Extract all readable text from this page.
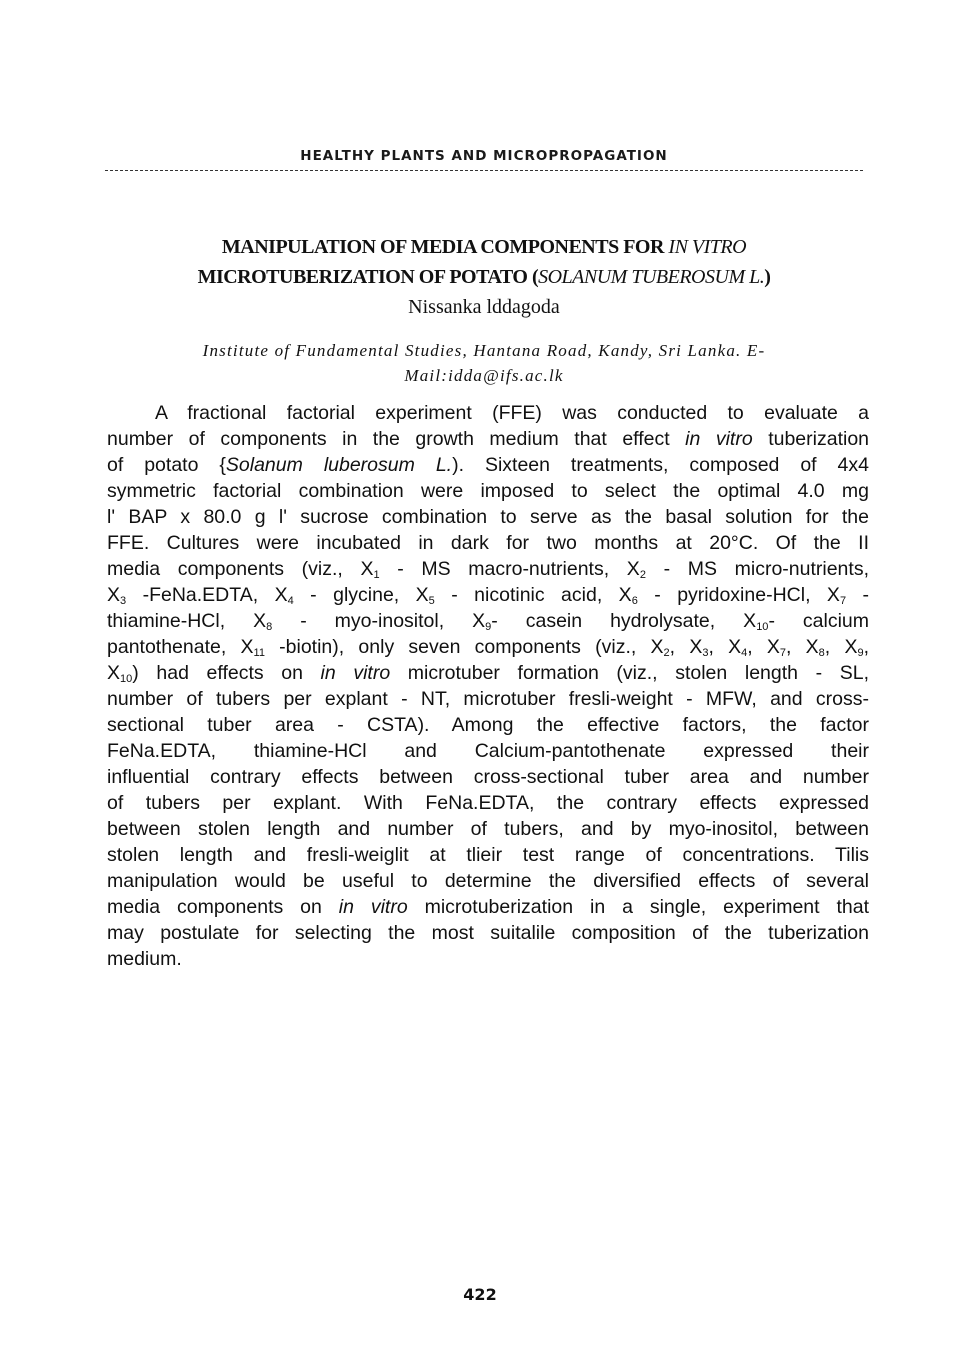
HEALTHY PLANTS AND MICROPROPAGATION
MANIPULATION OF MEDIA COMPONENTS FOR IN VITRO
MICROTUBERIZATION OF POTATO (SOLANUM TUBEROSUM L.)
Nissanka lddagoda
Institute of Fundamental Studies, Hantana Road, Kandy, Sri Lanka. E-
Mail:idda@ifs.ac.lk
A fractional factorial experiment (FFE) was conducted to evaluate a
number of components in the growth medium that effect in vitro tuberization
of potato {Solanum luberosum L.). Sixteen treatments, composed of 4x4
symmetric factorial combination were imposed to select the optimal 4.0 mg
l' BAP x 80.0 g l' sucrose combination to serve as the basal solution for the
FFE. Cultures were incubated in dark for two months at 20°C. Of the II
media components (viz., $X_1$ - MS macro-nutrients, $X_2$ - MS micro-nutrients,
$X_3$ -FeNa.EDTA, $X_4$ - glycine, $X_5$ - nicotinic acid, $X_6$ - pyridoxine-HCl, $X_7$ -
thiamine-HCl, $X_8$ - myo-inositol, $X_9-$ casein hydrolysate, $X_{10}-$ calcium
pantothenate, $X_{11}$ -biotin), only seven components (viz., $X_2$, $X_3$, $X_4$, $X_7$, $X_8$, $X_9$,
$X_{10}$) had effects on in vitro microtuber formation (viz., stolen length - SL,
number of tubers per explant - NT, microtuber fresli-weight - MFW, and cross-
sectional tuber area - CSTA). Among the effective factors, the factor
FeNa.EDTA, thiamine-HCl and Calcium-pantothenate expressed their
influential contrary effects between cross-sectional tuber area and number
of tubers per explant. With FeNa.EDTA, the contrary effects expressed
between stolen length and number of tubers, and by myo-inositol, between
stolen length and fresli-weiglit at tlieir test range of concentrations. Tilis
manipulation would be useful to determine the diversified effects of several
media components on in vitro microtuberization in a single, experiment that
may postulate for selecting the most suitalile composition of the tuberization
medium.
422
